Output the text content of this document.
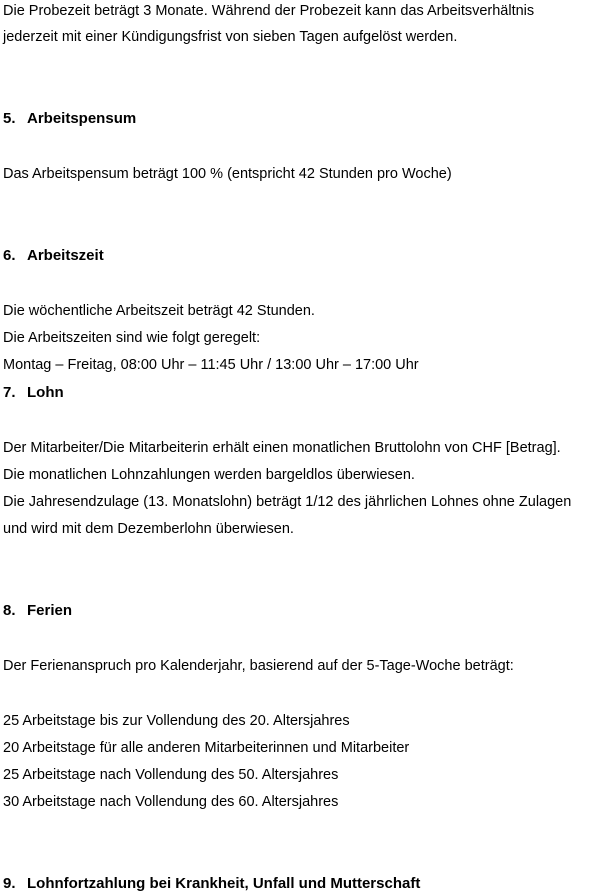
Die Probezeit beträgt 3 Monate. Während der Probezeit kann das Arbeitsverhältnis
jederzeit mit einer Kündigungsfrist von sieben Tagen aufgelöst werden.
5. Arbeitspensum
Das Arbeitspensum beträgt 100 % (entspricht 42 Stunden pro Woche)
6. Arbeitszeit
Die wöchentliche Arbeitszeit beträgt 42 Stunden.
Die Arbeitszeiten sind wie folgt geregelt:
Montag – Freitag, 08:00 Uhr – 11:45 Uhr / 13:00 Uhr – 17:00 Uhr
7. Lohn
Der Mitarbeiter/Die Mitarbeiterin erhält einen monatlichen Bruttolohn von CHF [Betrag].
Die monatlichen Lohnzahlungen werden bargeldlos überwiesen.
Die Jahresendzulage (13. Monatslohn) beträgt 1/12 des jährlichen Lohnes ohne Zulagen
und wird mit dem Dezemberlohn überwiesen.
8. Ferien
Der Ferienanspruch pro Kalenderjahr, basierend auf der 5-Tage-Woche beträgt:
25 Arbeitstage bis zur Vollendung des 20. Altersjahres
20 Arbeitstage für alle anderen Mitarbeiterinnen und Mitarbeiter
25 Arbeitstage nach Vollendung des 50. Altersjahres
30 Arbeitstage nach Vollendung des 60. Altersjahres
9. Lohnfortzahlung bei Krankheit, Unfall und Mutterschaft
